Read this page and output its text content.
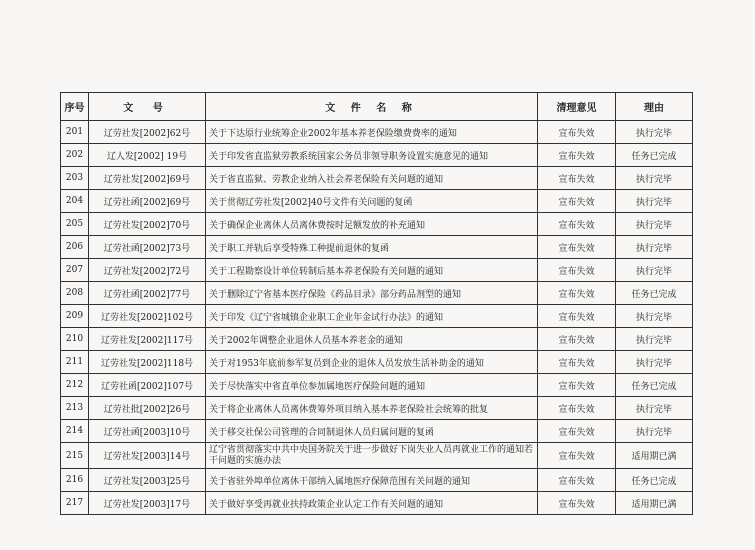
序号	文 号	文 件 名 称	清理意见	理由
201	辽劳社发[2002]62号	关于下达原行业统筹企业2002年基本养老保险缴费费率的通知	宣布失效	执行完毕
202	辽人发[2002] 19号	关于印发省直监狱劳教系统国家公务员非领导职务设置实施意见的通知	宣布失效	任务已完成
203	辽劳社发[2002]69号	关于省直监狱、劳教企业纳入社会养老保险有关问题的通知	宣布失效	执行完毕
204	辽劳社函[2002]69号	关于贯彻辽劳社发[2002]40号文件有关问题的复函	宣布失效	执行完毕
205	辽劳社发[2002]70号	关于确保企业离休人员离休费按时足额发放的补充通知	宣布失效	执行完毕
206	辽劳社函[2002]73号	关于职工并轨后享受特殊工种提前退休的复函	宣布失效	执行完毕
207	辽劳社发[2002]72号	关于工程勘察设计单位转制后基本养老保险有关问题的通知	宣布失效	执行完毕
208	辽劳社函[2002]77号	关于删除辽宁省基本医疗保险《药品目录》部分药品剂型的通知	宣布失效	任务已完成
209	辽劳社发[2002]102号	关于印发《辽宁省城镇企业职工企业年金试行办法》的通知	宣布失效	执行完毕
210	辽劳社发[2002]117号	关于2002年调整企业退休人员基本养老金的通知	宣布失效	执行完毕
211	辽劳社发[2002]118号	关于对1953年底前参军复员到企业的退休人员发放生活补助金的通知	宣布失效	执行完毕
212	辽劳社函[2002]107号	关于尽快落实中省直单位参加属地医疗保险问题的通知	宣布失效	任务已完成
213	辽劳社批[2002]26号	关于将企业离休人员离休费筹外项目纳入基本养老保险社会统筹的批复	宣布失效	执行完毕
214	辽劳社函[2003]10号	关于移交社保公司管理的合同制退休人员归属问题的复函	宣布失效	执行完毕
215	辽劳社发[2003]14号	辽宁省贯彻落实中共中央国务院关于进一步做好下岗失业人员再就业工作的通知若干问题的实施办法	宣布失效	适用期已满
216	辽劳社发[2003]25号	关于省驻外埠单位离休干部纳入属地医疗保障范围有关问题的通知	宣布失效	任务已完成
217	辽劳社发[2003]17号	关于做好享受再就业扶持政策企业认定工作有关问题的通知	宣布失效	适用期已满
